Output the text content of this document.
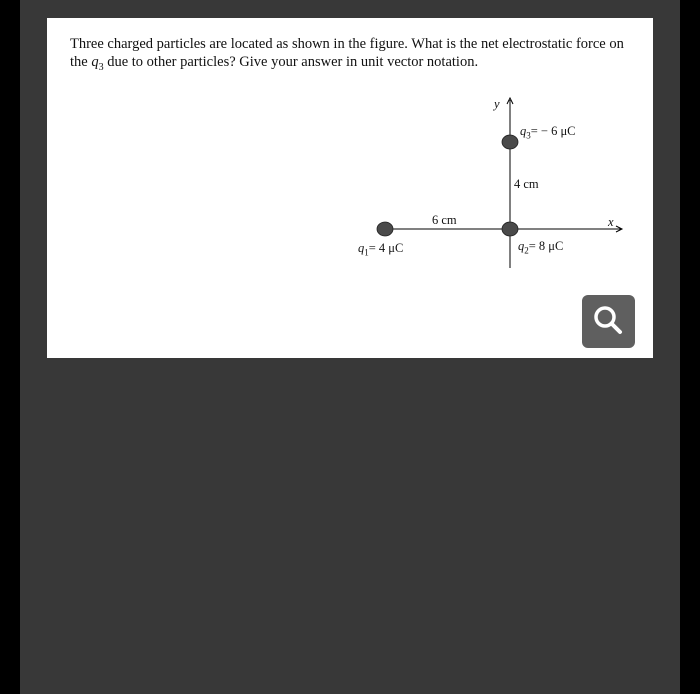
Three charged particles are located as shown in the figure. What is the net electrostatic force on the $q_3$ due to other particles? Give your answer in unit vector notation.
y
x
$q_3= - 6$ μC
4 cm
6 cm
$q_2= 8$ μC
$q_1= 4$ μC
